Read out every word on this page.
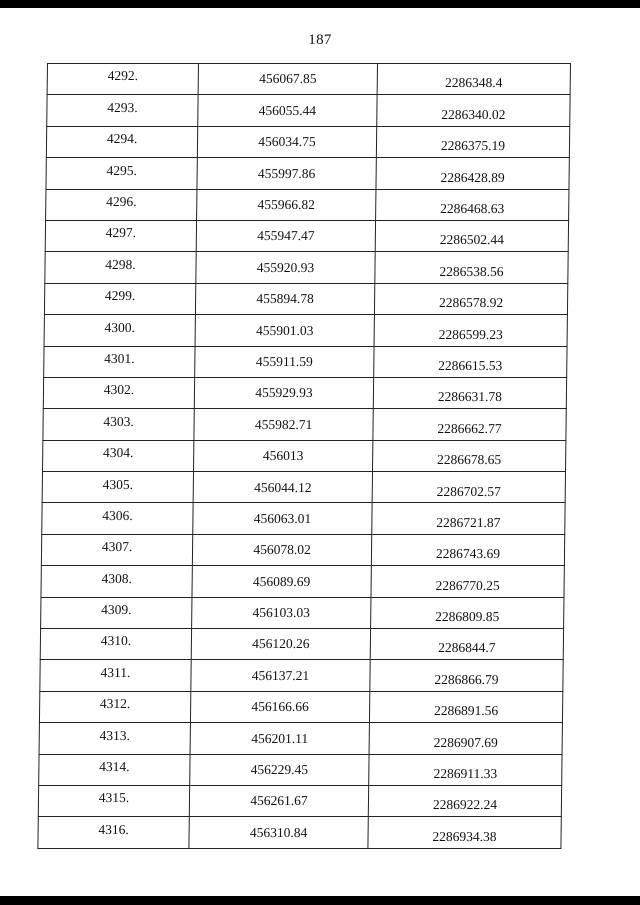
187
4292.	456067.85	2286348.4
4293.	456055.44	2286340.02
4294.	456034.75	2286375.19
4295.	455997.86	2286428.89
4296.	455966.82	2286468.63
4297.	455947.47	2286502.44
4298.	455920.93	2286538.56
4299.	455894.78	2286578.92
4300.	455901.03	2286599.23
4301.	455911.59	2286615.53
4302.	455929.93	2286631.78
4303.	455982.71	2286662.77
4304.	456013	2286678.65
4305.	456044.12	2286702.57
4306.	456063.01	2286721.87
4307.	456078.02	2286743.69
4308.	456089.69	2286770.25
4309.	456103.03	2286809.85
4310.	456120.26	2286844.7
4311.	456137.21	2286866.79
4312.	456166.66	2286891.56
4313.	456201.11	2286907.69
4314.	456229.45	2286911.33
4315.	456261.67	2286922.24
4316.	456310.84	2286934.38
